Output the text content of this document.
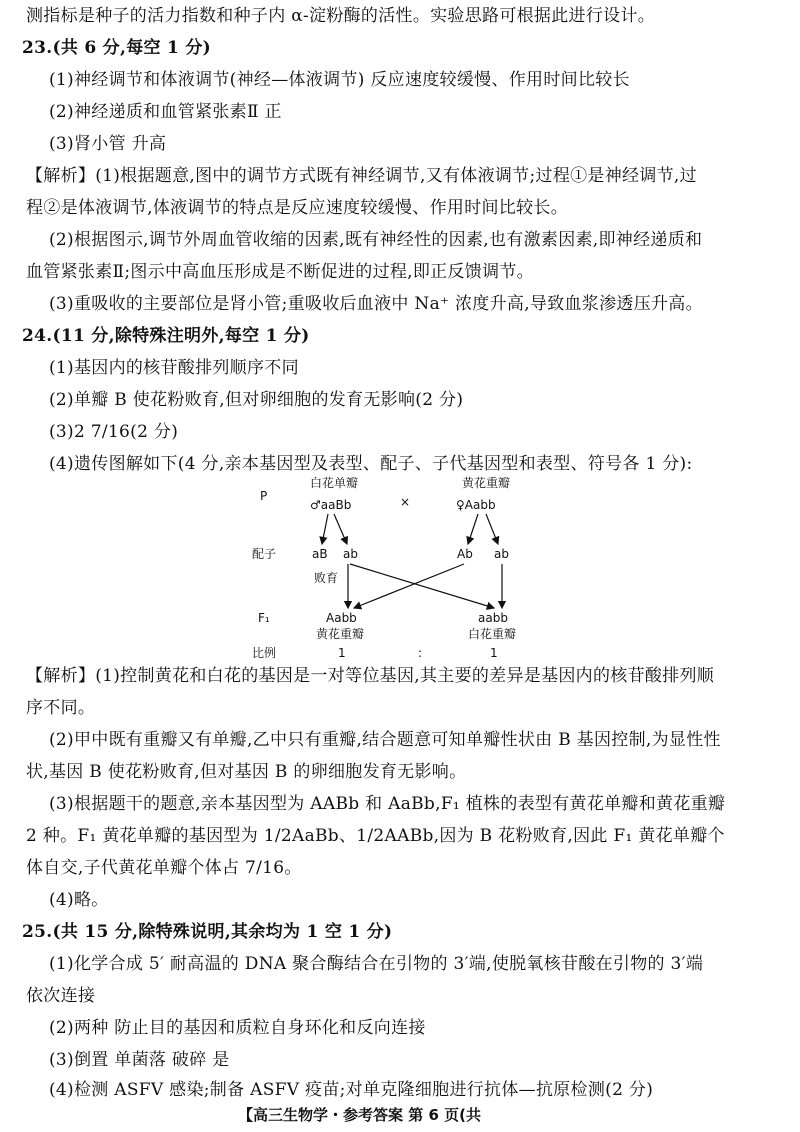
测指标是种子的活力指数和种子内 α-淀粉酶的活性。实验思路可根据此进行设计。
23.(共 6 分,每空 1 分)
(1)神经调节和体液调节(神经—体液调节) 反应速度较缓慢、作用时间比较长
(2)神经递质和血管紧张素Ⅱ 正
(3)肾小管 升高
【解析】(1)根据题意,图中的调节方式既有神经调节,又有体液调节;过程①是神经调节,过
程②是体液调节,体液调节的特点是反应速度较缓慢、作用时间比较长。
(2)根据图示,调节外周血管收缩的因素,既有神经性的因素,也有激素因素,即神经递质和
血管紧张素Ⅱ;图示中高血压形成是不断促进的过程,即正反馈调节。
(3)重吸收的主要部位是肾小管;重吸收后血液中 Na⁺ 浓度升高,导致血浆渗透压升高。
24.(11 分,除特殊注明外,每空 1 分)
(1)基因内的核苷酸排列顺序不同
(2)单瓣 B 使花粉败育,但对卵细胞的发育无影响(2 分)
(3)2 7/16(2 分)
(4)遗传图解如下(4 分,亲本基因型及表型、配子、子代基因型和表型、符号各 1 分):
P
白花单瓣
♂aaBb	×
黄花重瓣
♀Aabb
配子	aB ab	Ab ab
败育
F₁	Aabb	aabb
黄花重瓣	白花重瓣
比例	1	:	1
【解析】(1)控制黄花和白花的基因是一对等位基因,其主要的差异是基因内的核苷酸排列顺
序不同。
(2)甲中既有重瓣又有单瓣,乙中只有重瓣,结合题意可知单瓣性状由 B 基因控制,为显性性
状,基因 B 使花粉败育,但对基因 B 的卵细胞发育无影响。
(3)根据题干的题意,亲本基因型为 AABb 和 AaBb,F₁ 植株的表型有黄花单瓣和黄花重瓣
2 种。F₁ 黄花单瓣的基因型为 1/2AaBb、1/2AABb,因为 B 花粉败育,因此 F₁ 黄花单瓣个
体自交,子代黄花单瓣个体占 7/16。
(4)略。
25.(共 15 分,除特殊说明,其余均为 1 空 1 分)
(1)化学合成 5′ 耐高温的 DNA 聚合酶结合在引物的 3′端,使脱氧核苷酸在引物的 3′端
依次连接
(2)两种 防止目的基因和质粒自身环化和反向连接
(3)倒置 单菌落 破碎 是
(4)检测 ASFV 感染;制备 ASFV 疫苗;对单克隆细胞进行抗体—抗原检测(2 分)
【高三生物学・参考答案 第 6 页(共
